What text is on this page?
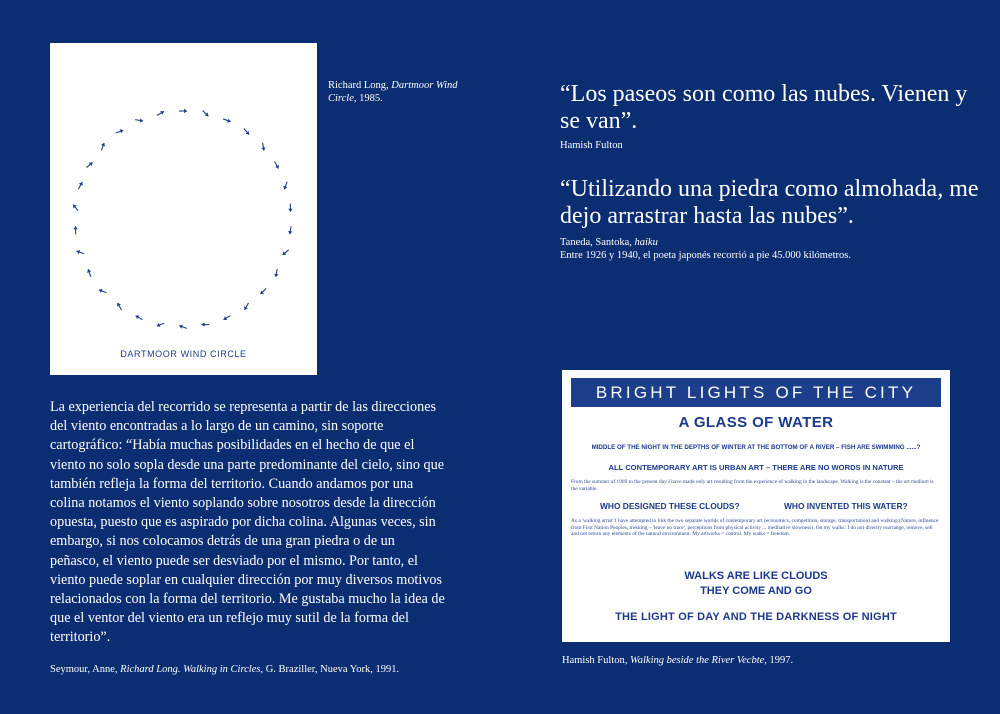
DARTMOOR WIND CIRCLE
Richard Long, Dartmoor Wind Circle, 1985.	“Los paseos son como las nubes. Vienen y se van”.
Hamish Fulton
“Utilizando una piedra como almohada, me dejo arrastrar hasta las nubes”.
Taneda, Santoka, haiku
Entre 1926 y 1940, el poeta japonés recorrió a pie 45.000 kilómetros.
La experiencia del recorrido se representa a partir de las direcciones del viento encontradas a lo largo de un camino, sin soporte cartográfico: “Había muchas posibilidades en el hecho de que el viento no solo sopla desde una parte predominante del cielo, sino que también refleja la forma del territorio. Cuando andamos por una colina notamos el viento soplando sobre nosotros desde la dirección opuesta, puesto que es aspirado por dicha colina. Algunas veces, sin embargo, si nos colocamos detrás de una gran piedra o de un peñasco, el viento puede ser desviado por el mismo. Por tanto, el viento puede soplar en cualquier dirección por muy diversos motivos relacionados con la forma del territorio. Me gustaba mucho la idea de que el ventor del viento era un reflejo muy sutil de la forma del territorio”.
Seymour, Anne, Richard Long. Walking in Circles, G. Braziller, Nueva York, 1991.
BRIGHT LIGHTS OF THE CITY
A GLASS OF WATER
MIDDLE OF THE NIGHT IN THE DEPTHS OF WINTER AT THE BOTTOM OF A RIVER – FISH ARE SWIMMING ......?
ALL CONTEMPORARY ART IS URBAN ART – THERE ARE NO WORDS IN NATURE
From the summer of 1969 to the present day I have made only art resulting from the experience of walking in the landscape. Walking is the constant – the art medium is the variable.
WHO DESIGNED THESE CLOUDS?	WHO INVENTED THIS WATER?
As a 'walking artist' I have attempted to link the two separate worlds of contemporary art (economics, competition, storage, transportation) and walking (Nature, influence from First Nation Peoples, trekking – 'leave no trace', perceptions from physical activity ... meditative slowness). On my walks: I do not directly rearrange, remove, sell and not return any elements of the natural environment. My artworks = control. My walks = freedom.
WALKS ARE LIKE CLOUDS
THEY COME AND GO
THE LIGHT OF DAY AND THE DARKNESS OF NIGHT
Hamish Fulton, Walking beside the River Vecbte, 1997.
